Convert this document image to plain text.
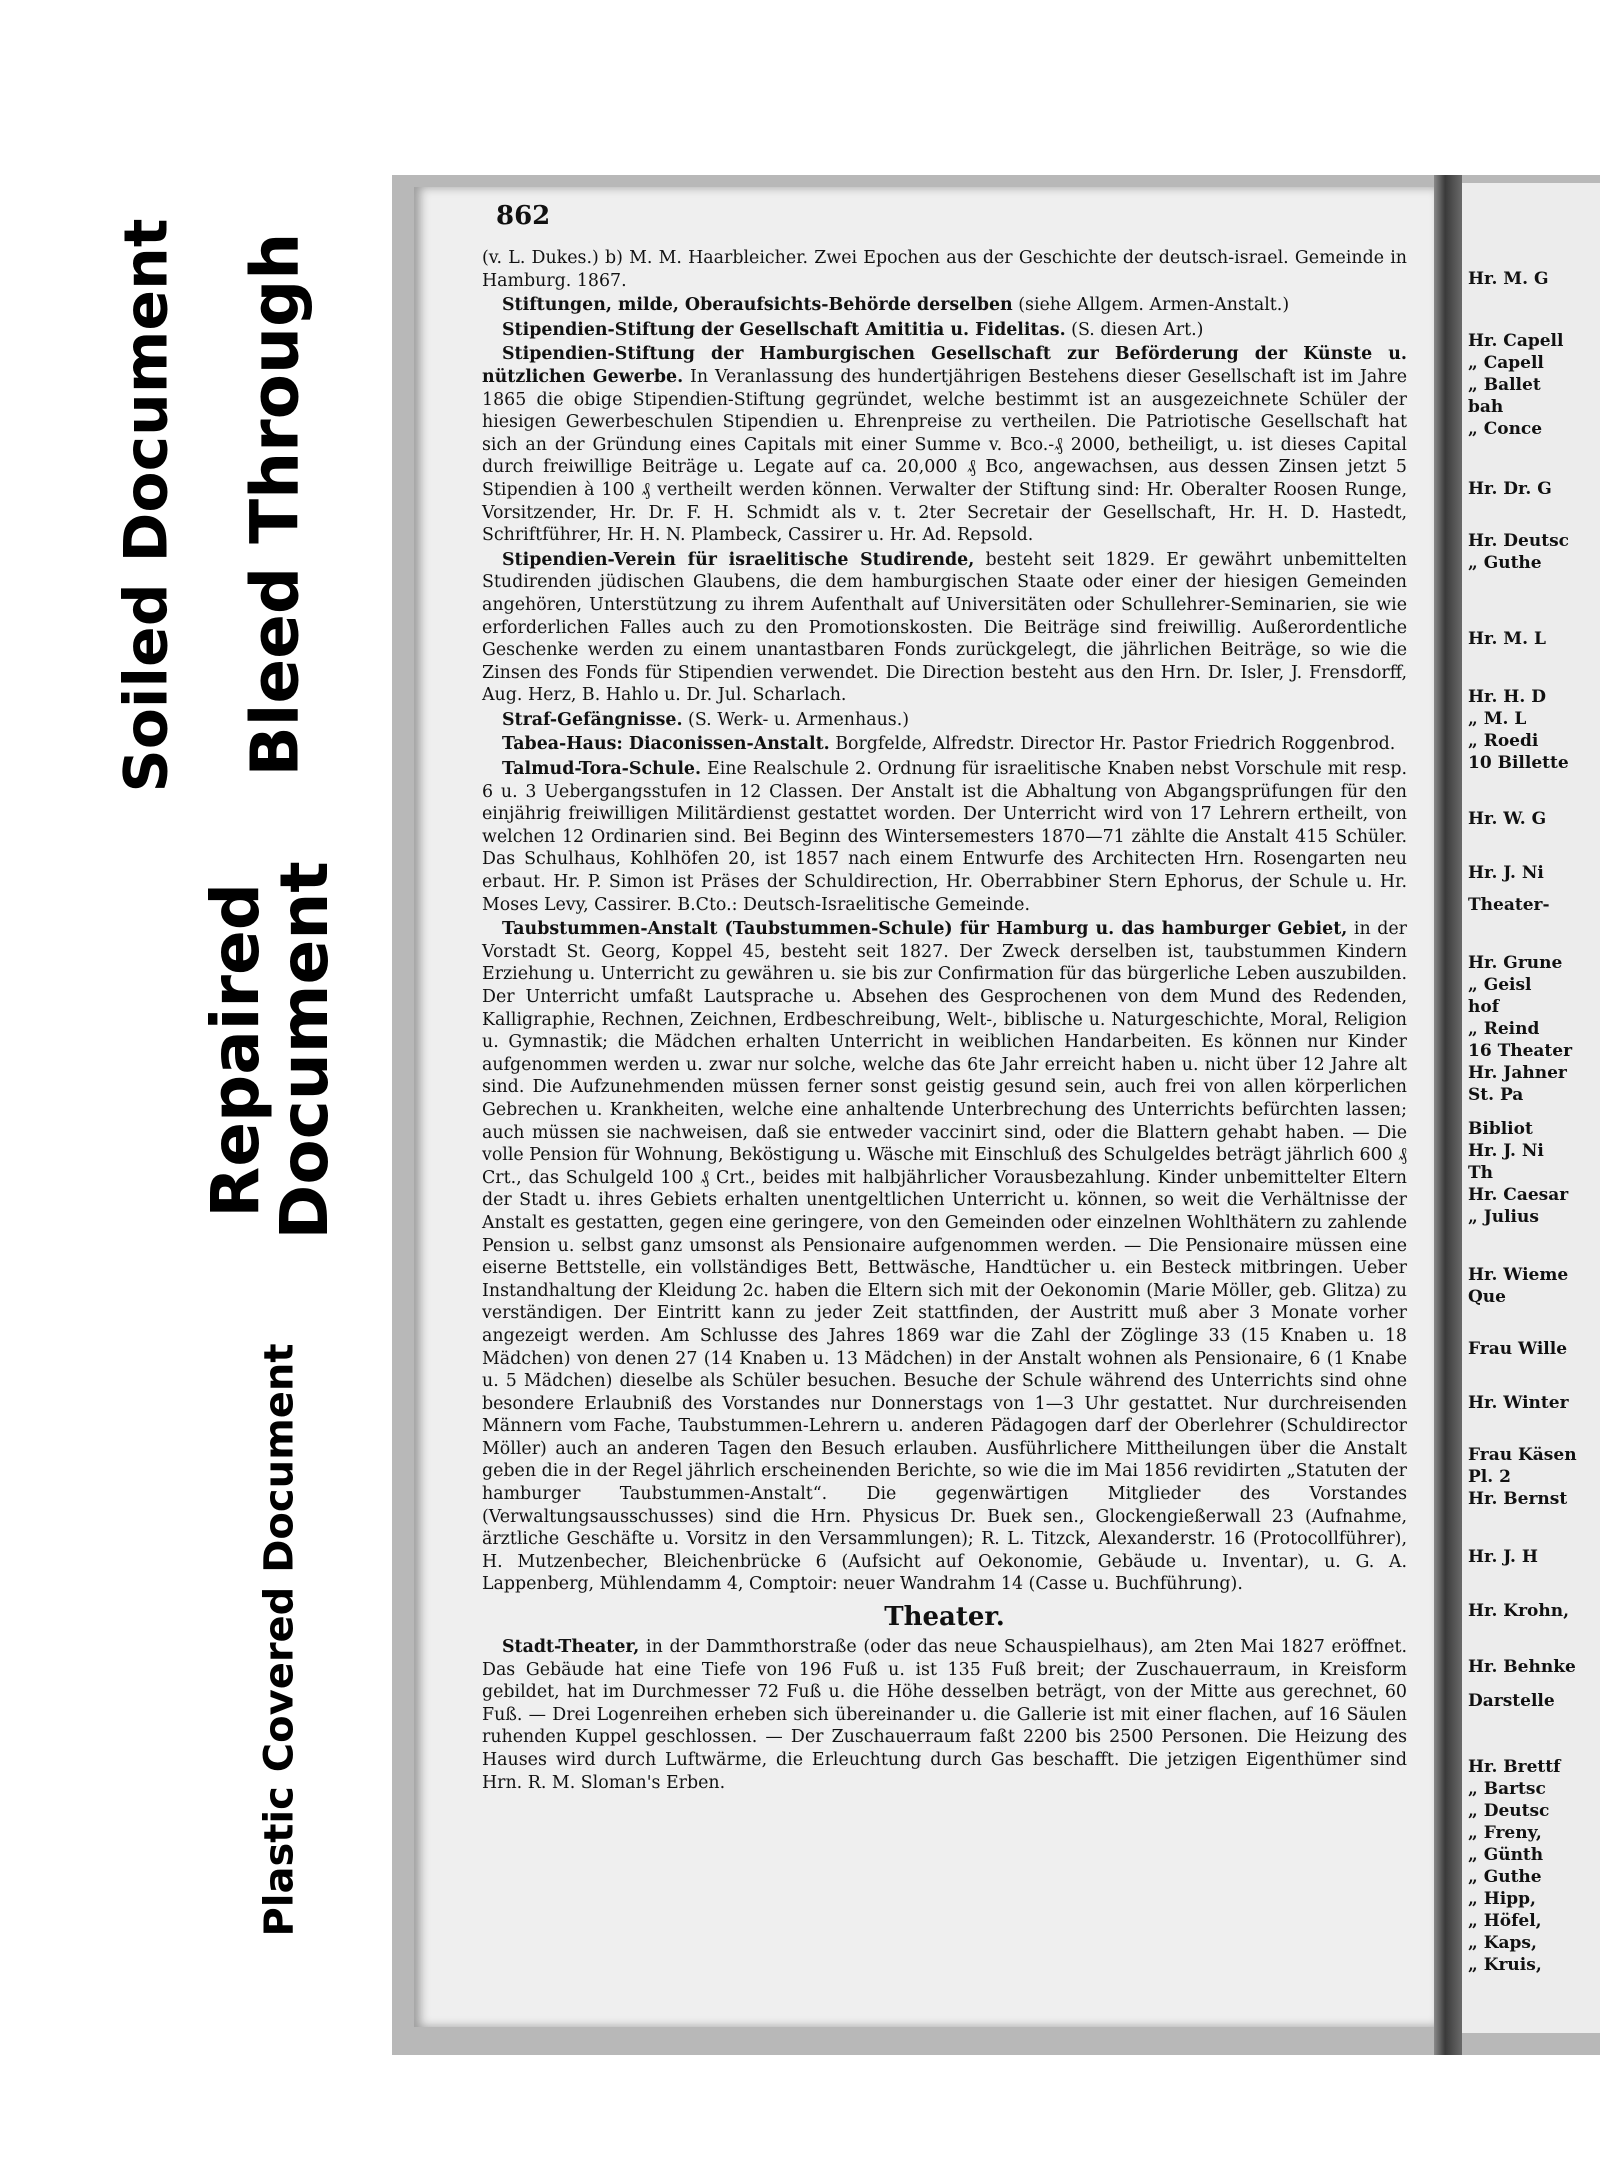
Soiled Document Bleed Through
Repaired
Document
Plastic Covered Document
862

(v. L. Dukes.) b) M. M. Haarbleicher. Zwei Epochen aus der Geschichte der deutsch-israel. Gemeinde in Hamburg. 1867.

Stiftungen, milde, Oberaufsichts-Behörde derselben (siehe Allgem. Armen-Anstalt.)

Stipendien-Stiftung der Gesellschaft Amititia u. Fidelitas. (S. diesen Art.)

Stipendien-Stiftung der Hamburgischen Gesellschaft zur Beförderung der Künste u. nützlichen Gewerbe. In Veranlassung des hundertjährigen Bestehens dieser Gesellschaft ist im Jahre 1865 die obige Stipendien-Stiftung gegründet, welche bestimmt ist an ausgezeichnete Schüler der hiesigen Gewerbeschulen Stipendien u. Ehrenpreise zu vertheilen. Die Patriotische Gesellschaft hat sich an der Gründung eines Capitals mit einer Summe v. Bco.-₰ 2000, betheiligt, u. ist dieses Capital durch freiwillige Beiträge u. Legate auf ca. 20,000 ₰ Bco, angewachsen, aus dessen Zinsen jetzt 5 Stipendien à 100 ₰ vertheilt werden können. Verwalter der Stiftung sind: Hr. Oberalter Roosen Runge, Vorsitzender, Hr. Dr. F. H. Schmidt als v. t. 2ter Secretair der Gesellschaft, Hr. H. D. Hastedt, Schriftführer, Hr. H. N. Plambeck, Cassirer u. Hr. Ad. Repsold.

Stipendien-Verein für israelitische Studirende, besteht seit 1829. Er gewährt unbemittelten Studirenden jüdischen Glaubens, die dem hamburgischen Staate oder einer der hiesigen Gemeinden angehören, Unterstützung zu ihrem Aufenthalt auf Universitäten oder Schullehrer-Seminarien, sie wie erforderlichen Falles auch zu den Promotionskosten. Die Beiträge sind freiwillig. Außerordentliche Geschenke werden zu einem unantastbaren Fonds zurückgelegt, die jährlichen Beiträge, so wie die Zinsen des Fonds für Stipendien verwendet. Die Direction besteht aus den Hrn. Dr. Isler, J. Frensdorff, Aug. Herz, B. Hahlo u. Dr. Jul. Scharlach.

Straf-Gefängnisse. (S. Werk- u. Armenhaus.)

Tabea-Haus: Diaconissen-Anstalt. Borgfelde, Alfredstr. Director Hr. Pastor Friedrich Roggenbrod.

Talmud-Tora-Schule. Eine Realschule 2. Ordnung für israelitische Knaben nebst Vorschule mit resp. 6 u. 3 Uebergangsstufen in 12 Classen. Der Anstalt ist die Abhaltung von Abgangsprüfungen für den einjährig freiwilligen Militärdienst gestattet worden. Der Unterricht wird von 17 Lehrern ertheilt, von welchen 12 Ordinarien sind. Bei Beginn des Wintersemesters 1870—71 zählte die Anstalt 415 Schüler. Das Schulhaus, Kohlhöfen 20, ist 1857 nach einem Entwurfe des Architecten Hrn. Rosengarten neu erbaut. Hr. P. Simon ist Präses der Schuldirection, Hr. Oberrabbiner Stern Ephorus, der Schule u. Hr. Moses Levy, Cassirer. B.Cto.: Deutsch-Israelitische Gemeinde.

Taubstummen-Anstalt (Taubstummen-Schule) für Hamburg u. das hamburger Gebiet, in der Vorstadt St. Georg, Koppel 45, besteht seit 1827. Der Zweck derselben ist, taubstummen Kindern Erziehung u. Unterricht zu gewähren u. sie bis zur Confirmation für das bürgerliche Leben auszubilden. Der Unterricht umfaßt Lautsprache u. Absehen des Gesprochenen von dem Mund des Redenden, Kalligraphie, Rechnen, Zeichnen, Erdbeschreibung, Welt-, biblische u. Naturgeschichte, Moral, Religion u. Gymnastik; die Mädchen erhalten Unterricht in weiblichen Handarbeiten. Es können nur Kinder aufgenommen werden u. zwar nur solche, welche das 6te Jahr erreicht haben u. nicht über 12 Jahre alt sind. Die Aufzunehmenden müssen ferner sonst geistig gesund sein, auch frei von allen körperlichen Gebrechen u. Krankheiten, welche eine anhaltende Unterbrechung des Unterrichts befürchten lassen; auch müssen sie nachweisen, daß sie entweder vaccinirt sind, oder die Blattern gehabt haben. — Die volle Pension für Wohnung, Beköstigung u. Wäsche mit Einschluß des Schulgeldes beträgt jährlich 600 ₰ Crt., das Schulgeld 100 ₰ Crt., beides mit halbjährlicher Vorausbezahlung. Kinder unbemittelter Eltern der Stadt u. ihres Gebiets erhalten unentgeltlichen Unterricht u. können, so weit die Verhältnisse der Anstalt es gestatten, gegen eine geringere, von den Gemeinden oder einzelnen Wohlthätern zu zahlende Pension u. selbst ganz umsonst als Pensionaire aufgenommen werden. — Die Pensionaire müssen eine eiserne Bettstelle, ein vollständiges Bett, Bettwäsche, Handtücher u. ein Besteck mitbringen. Ueber Instandhaltung der Kleidung 2c. haben die Eltern sich mit der Oekonomin (Marie Möller, geb. Glitza) zu verständigen. Der Eintritt kann zu jeder Zeit stattfinden, der Austritt muß aber 3 Monate vorher angezeigt werden. Am Schlusse des Jahres 1869 war die Zahl der Zöglinge 33 (15 Knaben u. 18 Mädchen) von denen 27 (14 Knaben u. 13 Mädchen) in der Anstalt wohnen als Pensionaire, 6 (1 Knabe u. 5 Mädchen) dieselbe als Schüler besuchen. Besuche der Schule während des Unterrichts sind ohne besondere Erlaubniß des Vorstandes nur Donnerstags von 1—3 Uhr gestattet. Nur durchreisenden Männern vom Fache, Taubstummen-Lehrern u. anderen Pädagogen darf der Oberlehrer (Schuldirector Möller) auch an anderen Tagen den Besuch erlauben. Ausführlichere Mittheilungen über die Anstalt geben die in der Regel jährlich erscheinenden Berichte, so wie die im Mai 1856 revidirten „Statuten der hamburger Taubstummen-Anstalt“. Die gegenwärtigen Mitglieder des Vorstandes (Verwaltungsausschusses) sind die Hrn. Physicus Dr. Buek sen., Glockengießerwall 23 (Aufnahme, ärztliche Geschäfte u. Vorsitz in den Versammlungen); R. L. Titzck, Alexanderstr. 16 (Protocollführer), H. Mutzenbecher, Bleichenbrücke 6 (Aufsicht auf Oekonomie, Gebäude u. Inventar), u. G. A. Lappenberg, Mühlendamm 4, Comptoir: neuer Wandrahm 14 (Casse u. Buchführung).

Theater.

Stadt-Theater, in der Dammthorstraße (oder das neue Schauspielhaus), am 2ten Mai 1827 eröffnet. Das Gebäude hat eine Tiefe von 196 Fuß u. ist 135 Fuß breit; der Zuschauerraum, in Kreisform gebildet, hat im Durchmesser 72 Fuß u. die Höhe desselben beträgt, von der Mitte aus gerechnet, 60 Fuß. — Drei Logenreihen erheben sich übereinander u. die Gallerie ist mit einer flachen, auf 16 Säulen ruhenden Kuppel geschlossen. — Der Zuschauerraum faßt 2200 bis 2500 Personen. Die Heizung des Hauses wird durch Luftwärme, die Erleuchtung durch Gas beschafft. Die jetzigen Eigenthümer sind Hrn. R. M. Sloman's Erben.

Hr. M. G
Hr. Capell
„ Capell
„ Ballet
bah
„ Conce
Hr. Dr. G
Hr. Deutsc
„ Guthe
Hr. M. L
Hr. H. D
„ M. L
„ Roedi
10 Billette
Hr. W. G
Hr. J. Ni
Theater-
Hr. Grune
„ Geisl
hof
„ Reind
16 Theater
Hr. Jahner
St. Pa
Bibliot
Hr. J. Ni
Th
Hr. Caesar
„ Julius
Hr. Wieme
Que
Frau Wille
Hr. Winter
Frau Käsen
Pl. 2
Hr. Bernst
Hr. J. H
Hr. Krohn,
Hr. Behnke
Darstelle
Hr. Brettf
„ Bartsc
„ Deutsc
„ Freny,
„ Günth
„ Guthe
„ Hipp,
„ Höfel,
„ Kaps,
„ Kruis,
